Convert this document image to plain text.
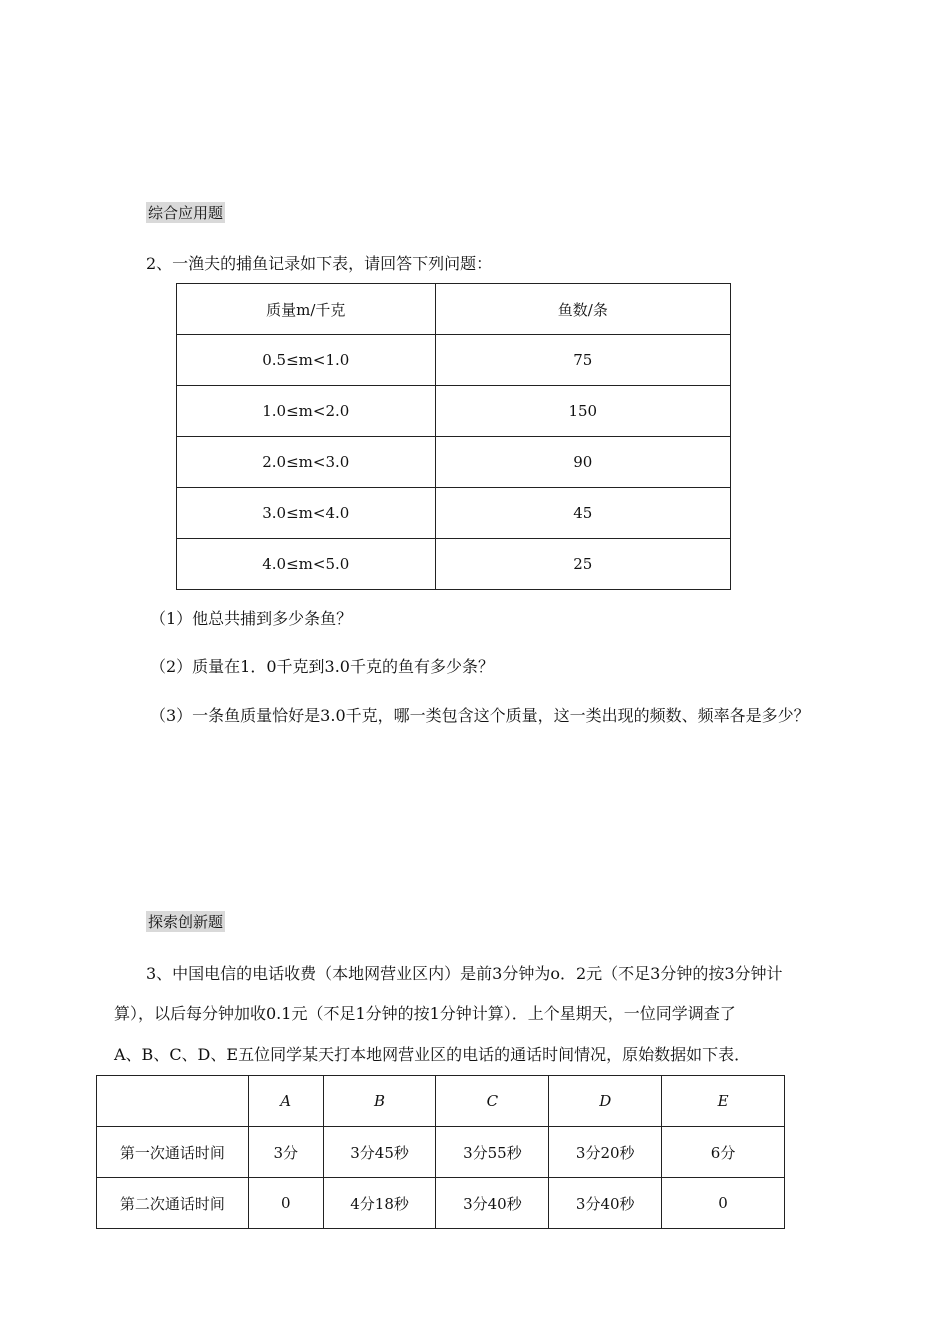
综合应用题
2、一渔夫的捕鱼记录如下表，请回答下列问题：
质量m/千克	鱼数/条
0.5≤m<1.0	75
1.0≤m<2.0	150
2.0≤m<3.0	90
3.0≤m<4.0	45
4.0≤m<5.0	25
（1）他总共捕到多少条鱼？
（2）质量在1．0千克到3.0千克的鱼有多少条？
（3）一条鱼质量恰好是3.0千克，哪一类包含这个质量，这一类出现的频数、频率各是多少？
探索创新题
3、中国电信的电话收费（本地网营业区内）是前3分钟为o．2元（不足3分钟的按3分钟计
算），以后每分钟加收0.1元（不足1分钟的按1分钟计算）．上个星期天，一位同学调查了
A、B、C、D、E五位同学某天打本地网营业区的电话的通话时间情况，原始数据如下表．
	A	B	C	D	E
第一次通话时间	3分	3分45秒	3分55秒	3分20秒	6分
第二次通话时间	0	4分18秒	3分40秒	3分40秒	0
